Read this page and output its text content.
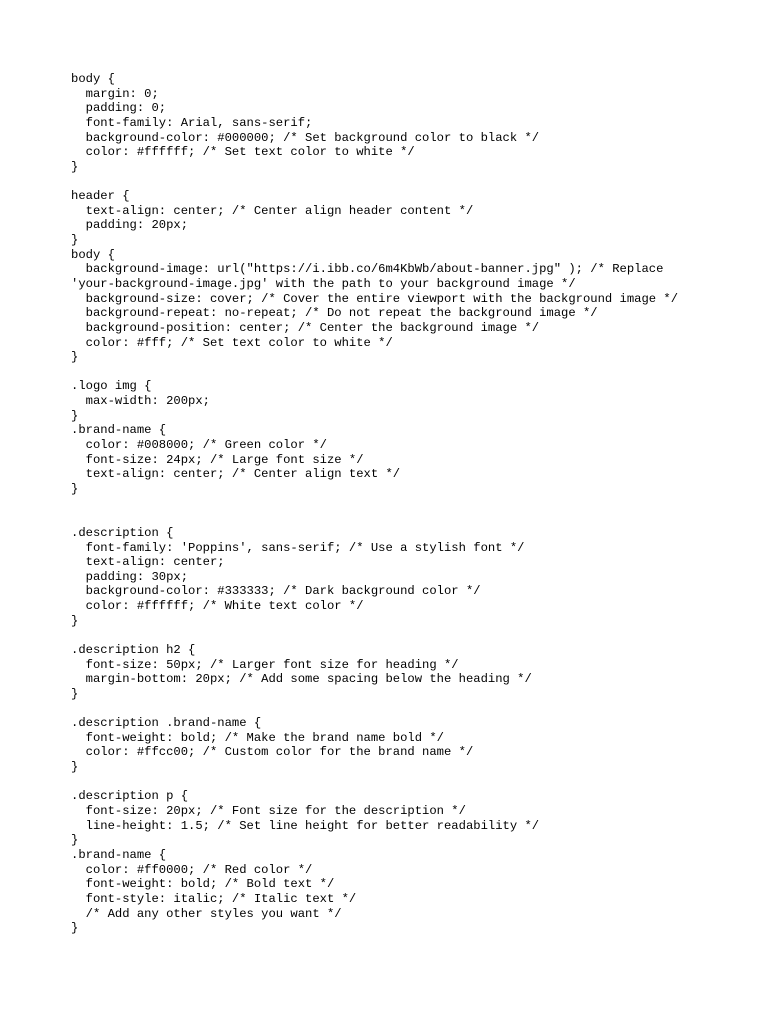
body {
margin: 0;
padding: 0;
font-family: Arial, sans-serif;
background-color: #000000; /* Set background color to black */
color: #ffffff; /* Set text color to white */
}
header {
text-align: center; /* Center align header content */
padding: 20px;
}
body {
background-image: url("https://i.ibb.co/6m4KbWb/about-banner.jpg" ); /* Replace
'your-background-image.jpg' with the path to your background image */
background-size: cover; /* Cover the entire viewport with the background image */
background-repeat: no-repeat; /* Do not repeat the background image */
background-position: center; /* Center the background image */
color: #fff; /* Set text color to white */
}
.logo img {
max-width: 200px;
}
.brand-name {
color: #008000; /* Green color */
font-size: 24px; /* Large font size */
text-align: center; /* Center align text */
}
.description {
font-family: 'Poppins', sans-serif; /* Use a stylish font */
text-align: center;
padding: 30px;
background-color: #333333; /* Dark background color */
color: #ffffff; /* White text color */
}
.description h2 {
font-size: 50px; /* Larger font size for heading */
margin-bottom: 20px; /* Add some spacing below the heading */
}
.description .brand-name {
font-weight: bold; /* Make the brand name bold */
color: #ffcc00; /* Custom color for the brand name */
}
.description p {
font-size: 20px; /* Font size for the description */
line-height: 1.5; /* Set line height for better readability */
}
.brand-name {
color: #ff0000; /* Red color */
font-weight: bold; /* Bold text */
font-style: italic; /* Italic text */
/* Add any other styles you want */
}
